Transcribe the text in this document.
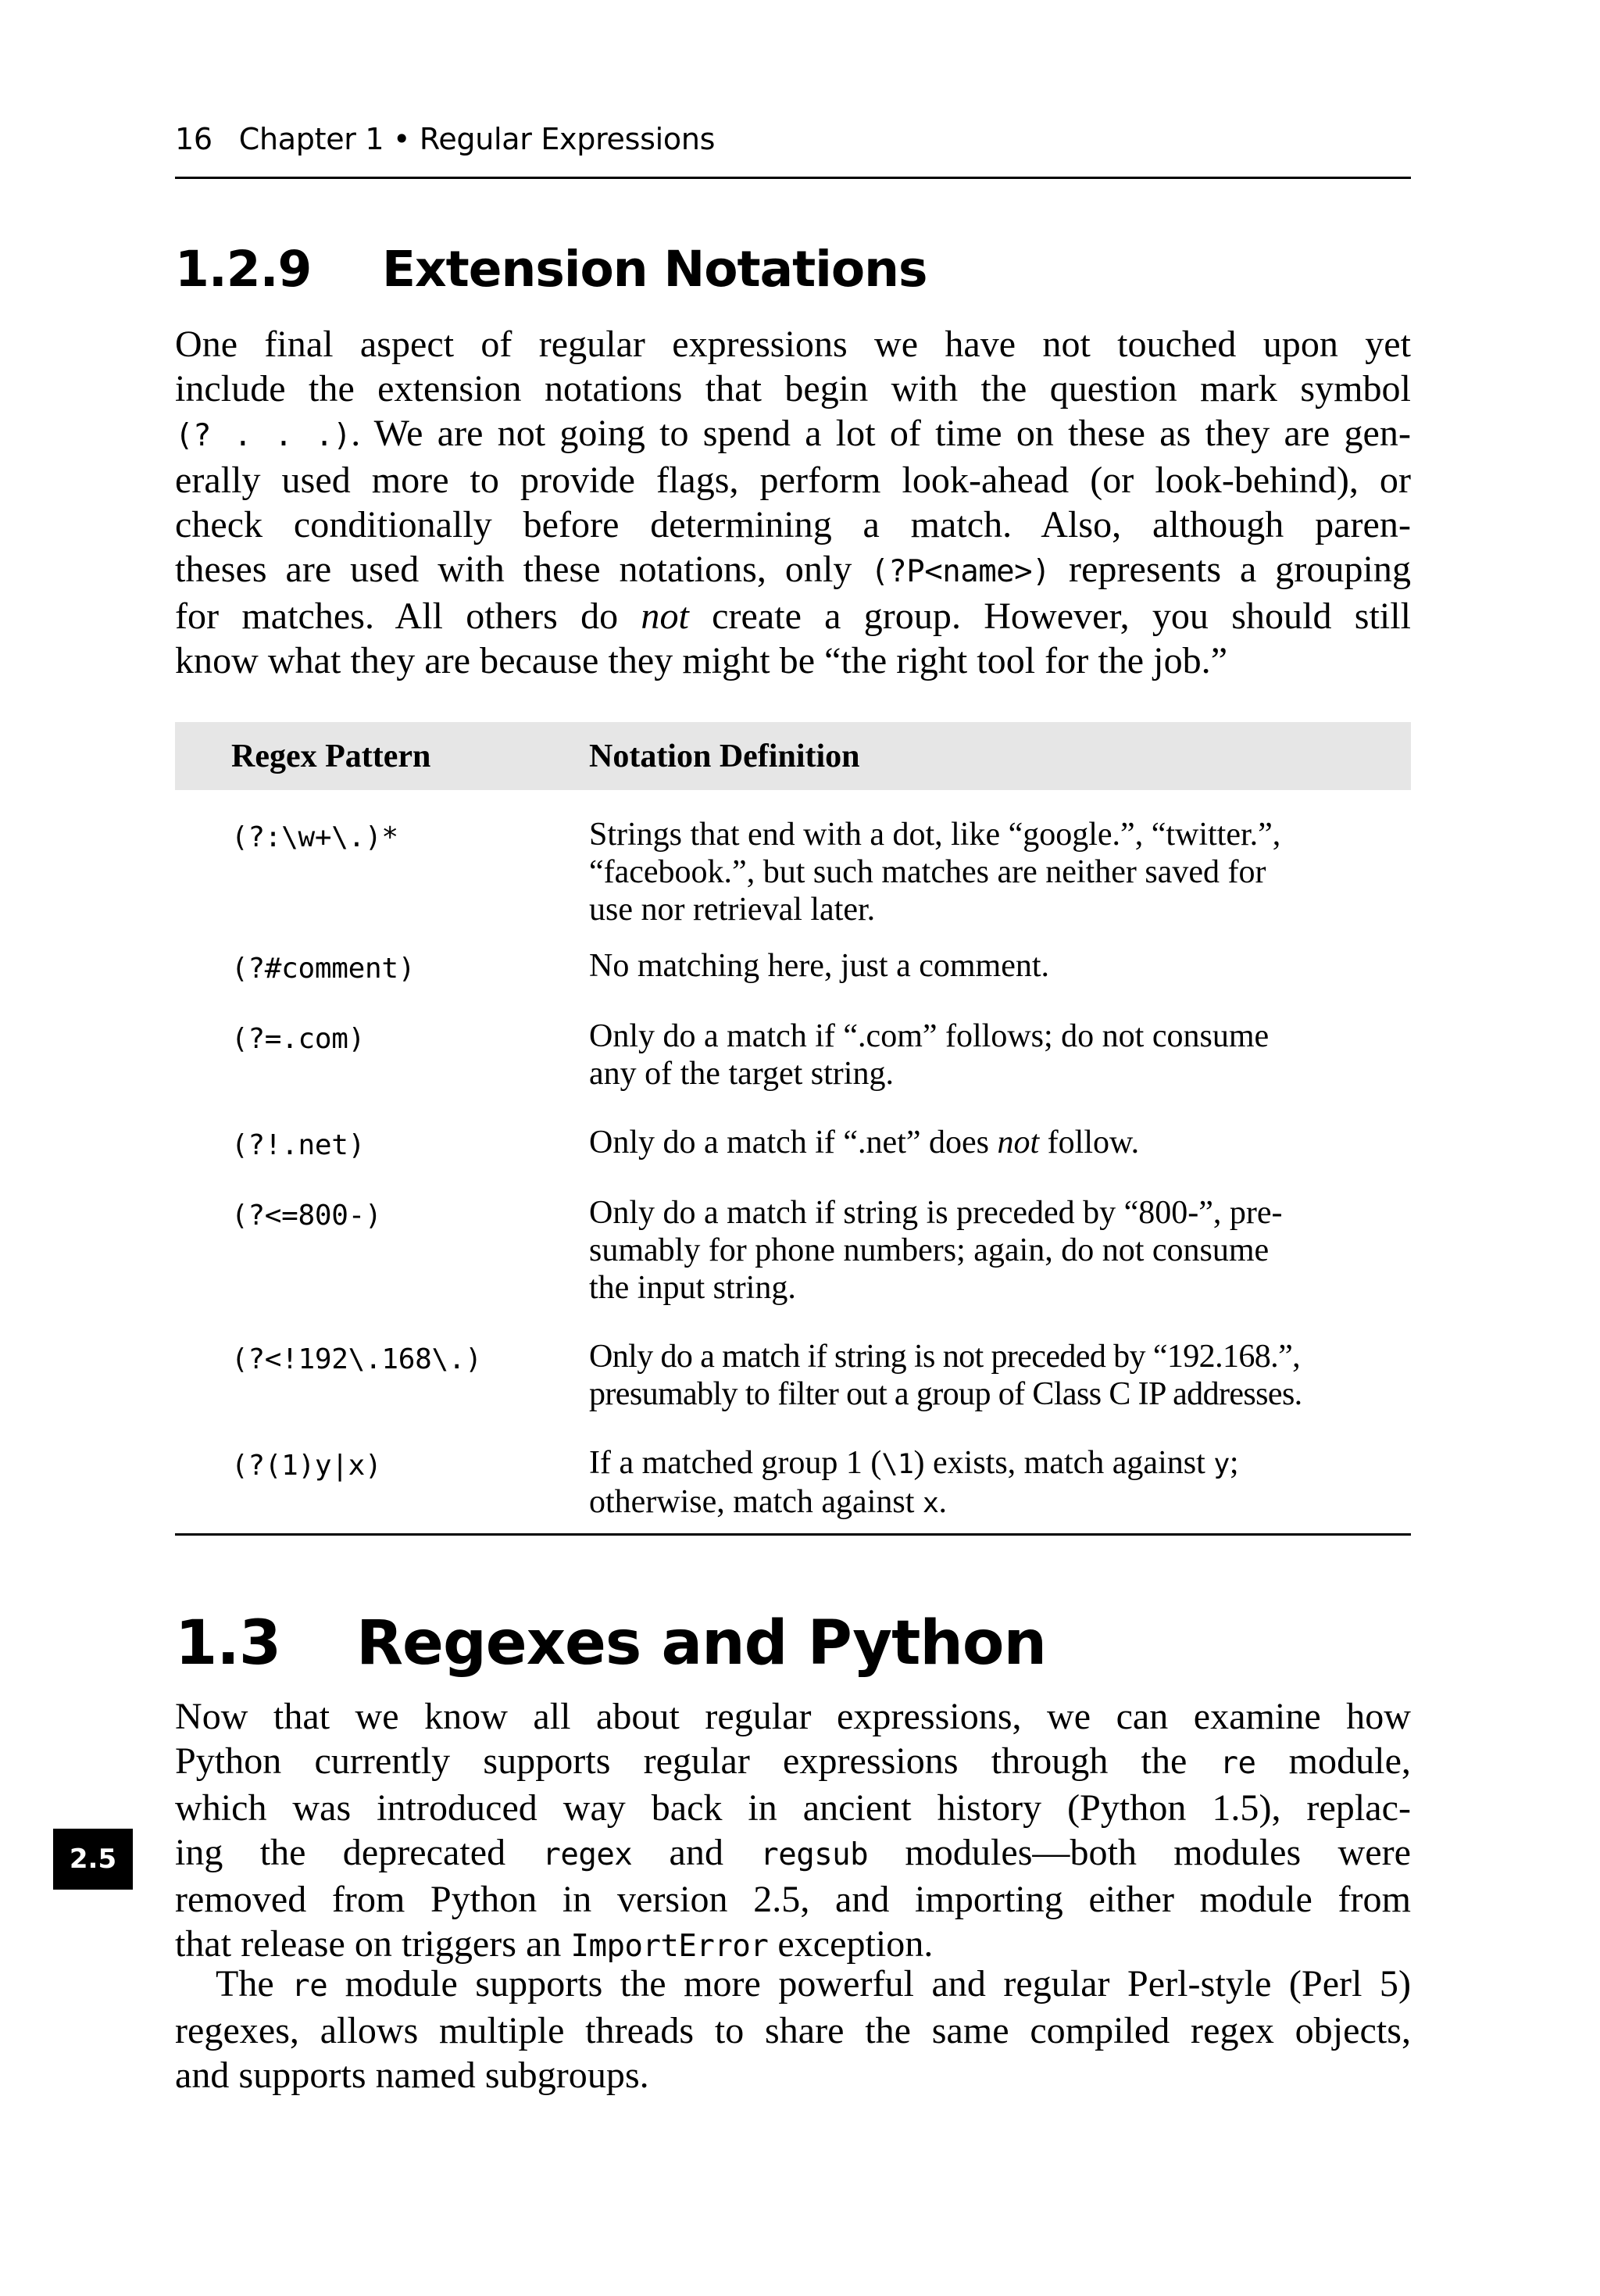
16 Chapter 1 • Regular Expressions
1.2.9 Extension Notations
One final aspect of regular expressions we have not touched upon yet
include the extension notations that begin with the question mark symbol
(? . . .). We are not going to spend a lot of time on these as they are gen-
erally used more to provide flags, perform look-ahead (or look-behind), or
check conditionally before determining a match. Also, although paren-
theses are used with these notations, only (?P<name>) represents a grouping
for matches. All others do not create a group. However, you should still
know what they are because they might be “the right tool for the job.”
Regex Pattern	Notation Definition
(?:\w+\.)*	Strings that end with a dot, like “google.”, “twitter.”,
“facebook.”, but such matches are neither saved for
use nor retrieval later.
(?#comment)	No matching here, just a comment.
(?=.com)	Only do a match if “.com” follows; do not consume
any of the target string.
(?!.net)	Only do a match if “.net” does not follow.
(?<=800-)	Only do a match if string is preceded by “800-”, pre-
sumably for phone numbers; again, do not consume
the input string.
(?<!192\.168\.)	Only do a match if string is not preceded by “192.168.”,
presumably to filter out a group of Class C IP addresses.
(?(1)y|x)	If a matched group 1 (\1) exists, match against y;
otherwise, match against x.
1.3 Regexes and Python
2.5
Now that we know all about regular expressions, we can examine how
Python currently supports regular expressions through the re module,
which was introduced way back in ancient history (Python 1.5), replac-
ing the deprecated regex and regsub modules—both modules were
removed from Python in version 2.5, and importing either module from
that release on triggers an ImportError exception.
The re module supports the more powerful and regular Perl-style (Perl 5)
regexes, allows multiple threads to share the same compiled regex objects,
and supports named subgroups.
